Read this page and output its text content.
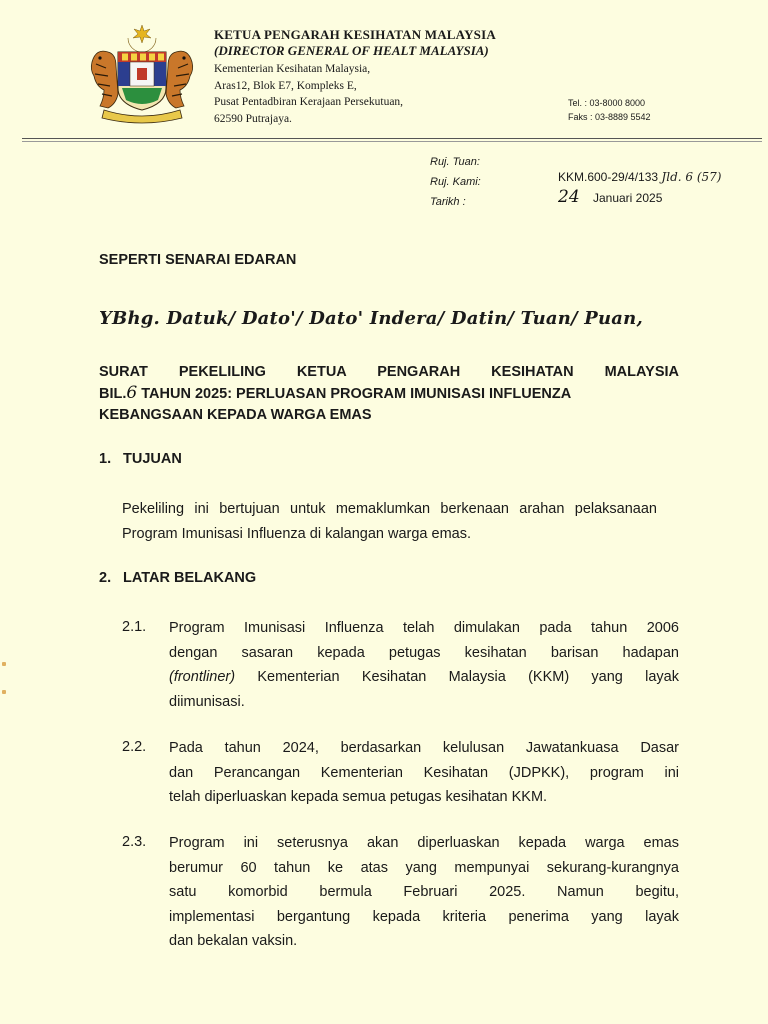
KETUA PENGARAH KESIHATAN MALAYSIA
(DIRECTOR GENERAL OF HEALT MALAYSIA)
Kementerian Kesihatan Malaysia,
Aras12, Blok E7, Kompleks E,
Pusat Pentadbiran Kerajaan Persekutuan,
62590 Putrajaya.
Tel. : 03-8000 8000
Faks : 03-8889 5542
Ruj. Tuan:
Ruj. Kami:
Tarikh :
KKM.600-29/4/133 Jld. 6 (57)
24 Januari 2025
SEPERTI SENARAI EDARAN
YBhg. Datuk/ Dato'/ Dato' Indera/ Datin/ Tuan/ Puan,
SURAT PEKELILING KETUA PENGARAH KESIHATAN MALAYSIA
BIL.6 TAHUN 2025: PERLUASAN PROGRAM IMUNISASI INFLUENZA
KEBANGSAAN KEPADA WARGA EMAS
1. TUJUAN
Pekeliling ini bertujuan untuk memaklumkan berkenaan arahan pelaksanaan Program Imunisasi Influenza di kalangan warga emas.
2. LATAR BELAKANG
2.1. Program Imunisasi Influenza telah dimulakan pada tahun 2006
dengan sasaran kepada petugas kesihatan barisan hadapan
(frontliner) Kementerian Kesihatan Malaysia (KKM) yang layak
diimunisasi.
2.2. Pada tahun 2024, berdasarkan kelulusan Jawatankuasa Dasar
dan Perancangan Kementerian Kesihatan (JDPKK), program ini
telah diperluaskan kepada semua petugas kesihatan KKM.
2.3. Program ini seterusnya akan diperluaskan kepada warga emas
berumur 60 tahun ke atas yang mempunyai sekurang-kurangnya
satu komorbid bermula Februari 2025. Namun begitu,
implementasi bergantung kepada kriteria penerima yang layak
dan bekalan vaksin.
